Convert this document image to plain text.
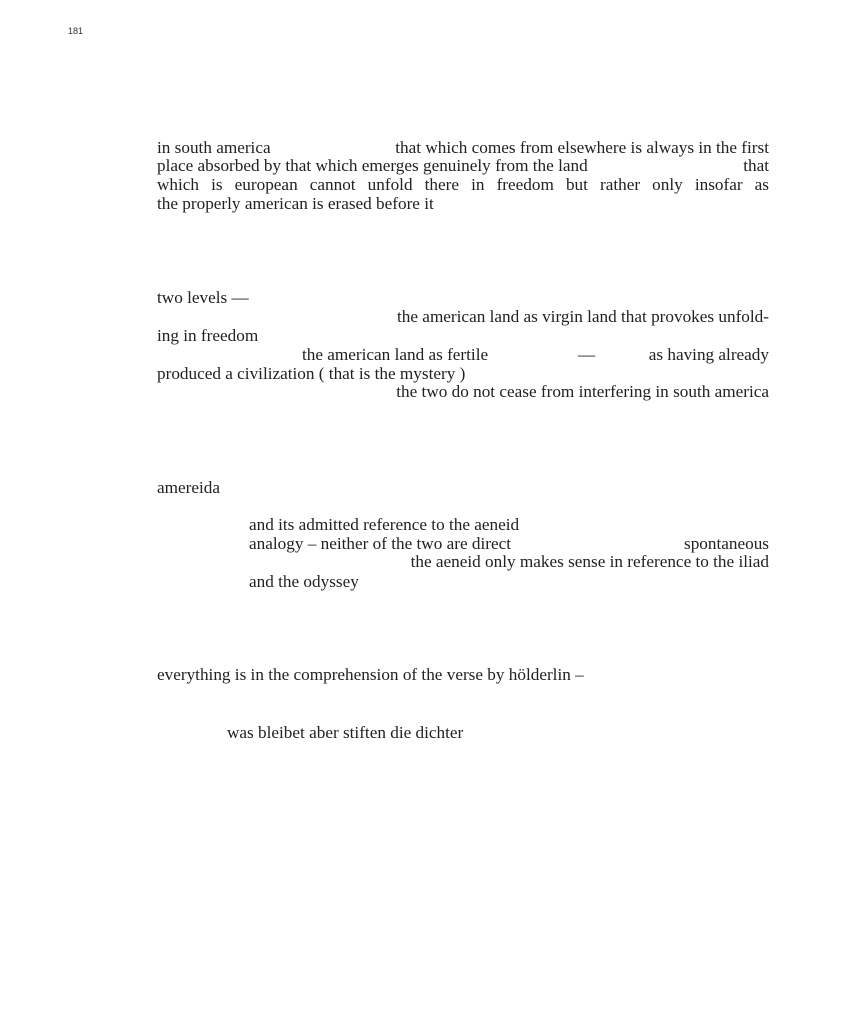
181
in south america	that which comes from elsewhere is always in the first
place absorbed by that which emerges genuinely from the land	that
which is european cannot unfold there in freedom but rather only insofar as
the properly american is erased before it
two levels —
the american land as virgin land that provokes unfold-
ing in freedom
the american land as fertile	—	as having already
produced a civilization ( that is the mystery )
the two do not cease from interfering in south america
amereida
and its admitted reference to the aeneid
analogy – neither of the two are direct	spontaneous
the aeneid only makes sense in reference to the iliad
and the odyssey
everything is in the comprehension of the verse by hölderlin –
was bleibet aber stiften die dichter
